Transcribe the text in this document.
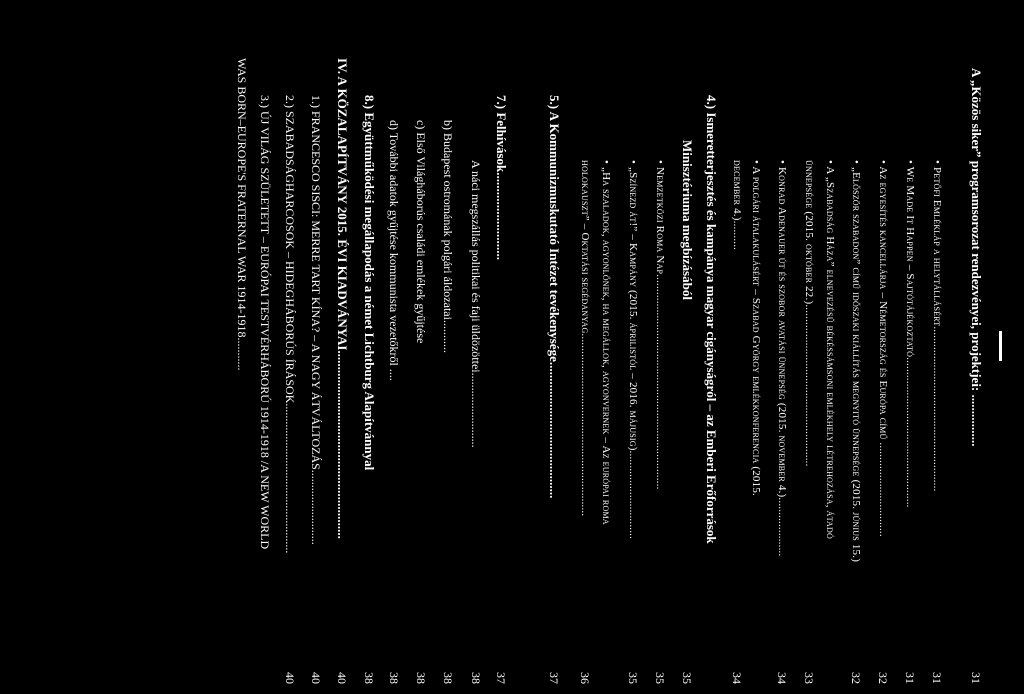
A „Közös siker” programsorozat rendezvényei, projektjei: ................
31
• Petőfi Emlékláp a helytállásért........................................................
31
• We Made It Happen – Sajtótájékoztató...................................................
31
• Az egyesítés kancellárja – Németország és Európa című ................................
32
• „Először szabadon” című időszaki kiállítás megnyitó ünnepsége (2015. június 15.)
32
• A „Szabadság Háza” elnevezésű békéssámsoni emlékhely létrehozása, átadó
ünnepsége (2015. október 22.).......................................................
33
• Konrad Adenauer út és szobor avatási ünnepség (2015. november 4.)....................
34
• A polgári átalakulásért – Szabad György emlékkonferencia (2015.
december 4.)..........
34
4.) Ismeretterjesztés és kampánya magyar cigányságról – az Emberi Erőforrások
Minisztériuma megbízásából
35
• Nemzetközi Roma Nap.........................................................................
35
• „Színezd át!” – Kampány (2015. áprilistól – 2016. májusig)..............................
35
• „Ha szaladok, agyonlőnek, ha megállok, agyonvernek – Az európai roma
holokauszt” – Oktatási segédanyag..............................................................
36
5.) A Kommunizmuskutató Intézet tevékenysége..........................................
37
7.) Felhívások...........................
37
A náci megszállás politikai és faji üldözöttei.........................
38
b) Budapest ostromának polgári áldozatai...........
38
c) Első Világháborús családi emlékek gyűjtése
38
d) További adatok gyűjtése kommunista vezetőkről ....
38
8.) Együttműködési megállapodás a német Lichtburg Alapítvánnyal
38
IV. A KÖZALAPÍTVÁNY 2015. ÉVI KIADVÁNYAI..........................................................
40
1.) FRANCESCO SISCI: MERRE TART KÍNA? – A NAGY ÁTVÁLTOZÁS.........................
40
2.) SZABADSÁGHARCOSOK – HIDEGHÁBORÚS ÍRÁSOK..................................................
40
3.) ÚJ VILÁG SZÜLETETT – EURÓPAI TESTVÉRHÁBORÚ 1914-1918 /A NEW WORLD
WAS BORN–EUROPE'S FRATERNAL WAR 1914-1918...........
